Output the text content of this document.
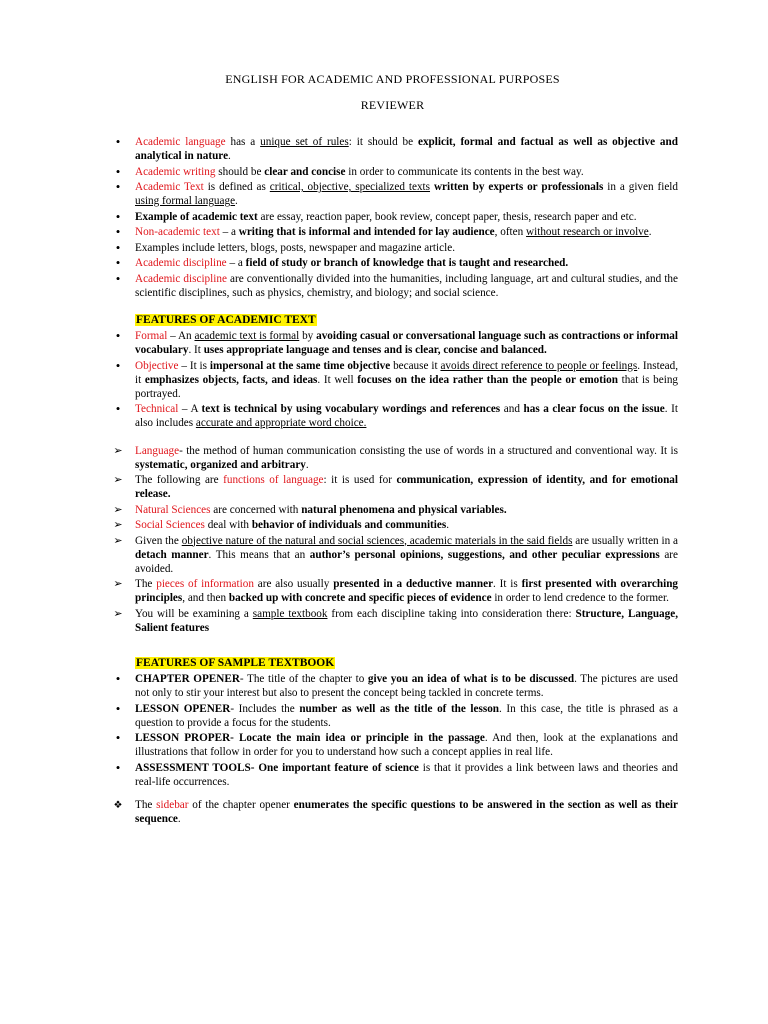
ENGLISH FOR ACADEMIC AND PROFESSIONAL PURPOSES

REVIEWER

•
Academic language has a unique set of rules: it should be explicit, formal and factual as well as objective and analytical in nature.
•
Academic writing should be clear and concise in order to communicate its contents in the best way.
•
Academic Text is defined as critical, objective, specialized texts written by experts or professionals in a given field using formal language.
•
Example of academic text are essay, reaction paper, book review, concept paper, thesis, research paper and etc.
•
Non-academic text – a writing that is informal and intended for lay audience, often without research or involve.
•
Examples include letters, blogs, posts, newspaper and magazine article.
•
Academic discipline – a field of study or branch of knowledge that is taught and researched.
•
Academic discipline are conventionally divided into the humanities, including language, art and cultural studies, and the scientific disciplines, such as physics, chemistry, and biology; and social science.
FEATURES OF ACADEMIC TEXT
•
Formal – An academic text is formal by avoiding casual or conversational language such as contractions or informal vocabulary. It uses appropriate language and tenses and is clear, concise and balanced.
•
Objective – It is impersonal at the same time objective because it avoids direct reference to people or feelings. Instead, it emphasizes objects, facts, and ideas. It well focuses on the idea rather than the people or emotion that is being portrayed.
•
Technical – A text is technical by using vocabulary wordings and references and has a clear focus on the issue. It also includes accurate and appropriate word choice.
➢
Language- the method of human communication consisting the use of words in a structured and conventional way. It is systematic, organized and arbitrary.
➢
The following are functions of language: it is used for communication, expression of identity, and for emotional release.
➢
Natural Sciences are concerned with natural phenomena and physical variables.
➢
Social Sciences deal with behavior of individuals and communities.
➢
Given the objective nature of the natural and social sciences, academic materials in the said fields are usually written in a detach manner. This means that an author’s personal opinions, suggestions, and other peculiar expressions are avoided.
➢
The pieces of information are also usually presented in a deductive manner. It is first presented with overarching principles, and then backed up with concrete and specific pieces of evidence in order to lend credence to the former.
➢
You will be examining a sample textbook from each discipline taking into consideration there: Structure, Language, Salient features
FEATURES OF SAMPLE TEXTBOOK
•
CHAPTER OPENER- The title of the chapter to give you an idea of what is to be discussed. The pictures are used not only to stir your interest but also to present the concept being tackled in concrete terms.
•
LESSON OPENER- Includes the number as well as the title of the lesson. In this case, the title is phrased as a question to provide a focus for the students.
•
LESSON PROPER- Locate the main idea or principle in the passage. And then, look at the explanations and illustrations that follow in order for you to understand how such a concept applies in real life.
•
ASSESSMENT TOOLS- One important feature of science is that it provides a link between laws and theories and real-life occurrences.
❖
The sidebar of the chapter opener enumerates the specific questions to be answered in the section as well as their sequence.
